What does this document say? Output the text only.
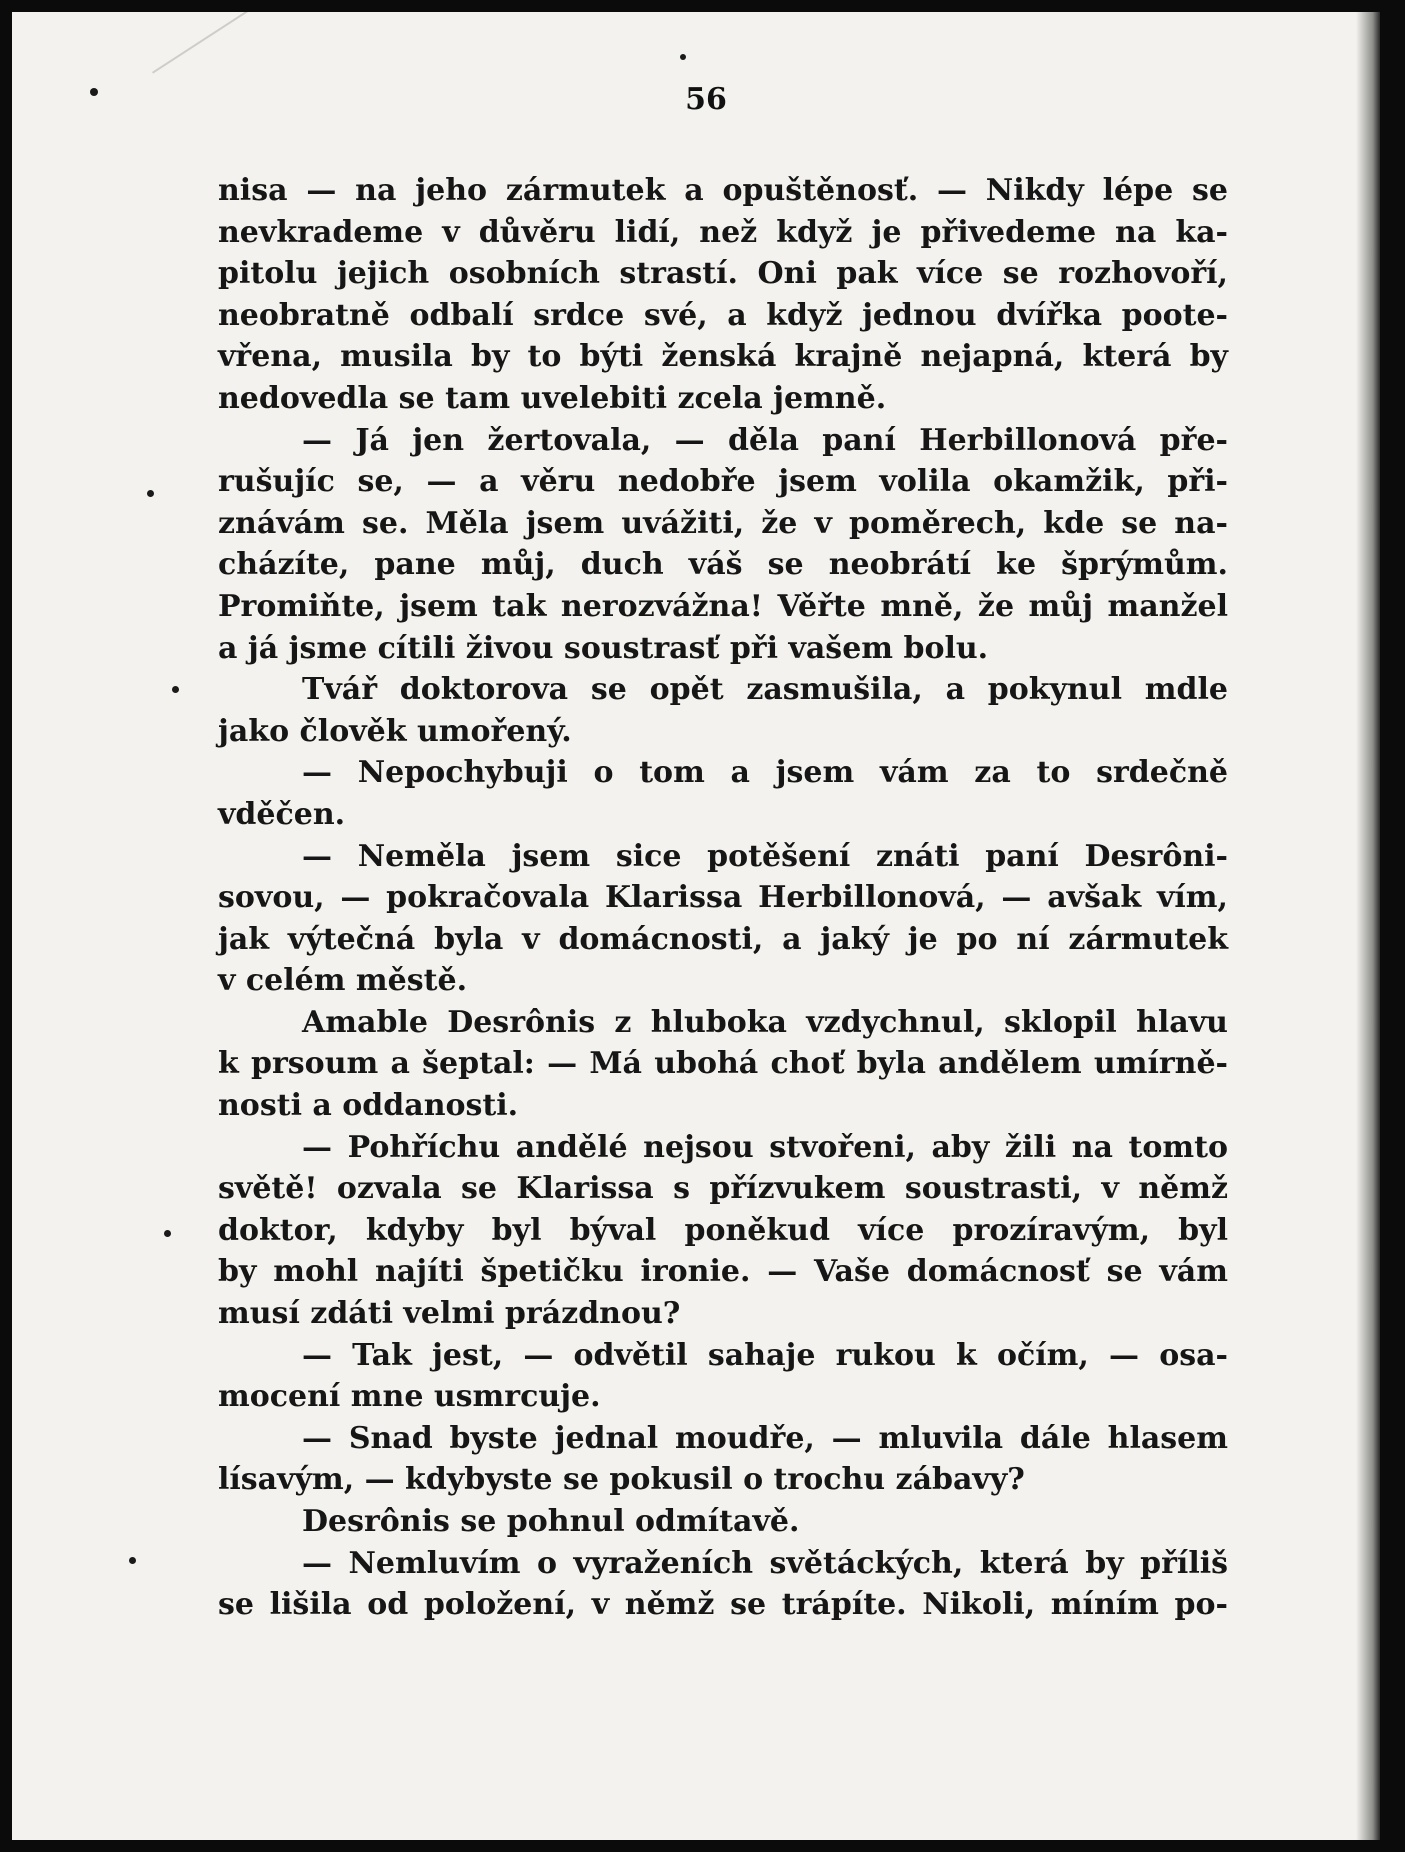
56
nisa — na jeho zármutek a opuštěnosť. — Nikdy lépe se
nevkrademe v důvěru lidí, než když je přivedeme na ka-
pitolu jejich osobních strastí. Oni pak více se rozhovoří,
neobratně odbalí srdce své, a když jednou dvířka poote-
vřena, musila by to býti ženská krajně nejapná, která by
nedovedla se tam uvelebiti zcela jemně.
— Já jen žertovala, — děla paní Herbillonová pře-
rušujíc se, — a věru nedobře jsem volila okamžik, při-
znávám se. Měla jsem uvážiti, že v poměrech, kde se na-
cházíte, pane můj, duch váš se neobrátí ke šprýmům.
Promiňte, jsem tak nerozvážna! Věřte mně, že můj manžel
a já jsme cítili živou soustrasť při vašem bolu.
Tvář doktorova se opět zasmušila, a pokynul mdle
jako člověk umořený.
— Nepochybuji o tom a jsem vám za to srdečně
vděčen.
— Neměla jsem sice potěšení znáti paní Desrôni-
sovou, — pokračovala Klarissa Herbillonová, — avšak vím,
jak výtečná byla v domácnosti, a jaký je po ní zármutek
v celém městě.
Amable Desrônis z hluboka vzdychnul, sklopil hlavu
k prsoum a šeptal: — Má ubohá choť byla andělem umírně-
nosti a oddanosti.
— Pohříchu andělé nejsou stvořeni, aby žili na tomto
světě! ozvala se Klarissa s přízvukem soustrasti, v němž
doktor, kdyby byl býval poněkud více prozíravým, byl
by mohl najíti špetičku ironie. — Vaše domácnosť se vám
musí zdáti velmi prázdnou?
— Tak jest, — odvětil sahaje rukou k očím, — osa-
mocení mne usmrcuje.
— Snad byste jednal moudře, — mluvila dále hlasem
lísavým, — kdybyste se pokusil o trochu zábavy?
Desrônis se pohnul odmítavě.
— Nemluvím o vyraženích světáckých, která by příliš
se lišila od položení, v němž se trápíte. Nikoli, míním po-
